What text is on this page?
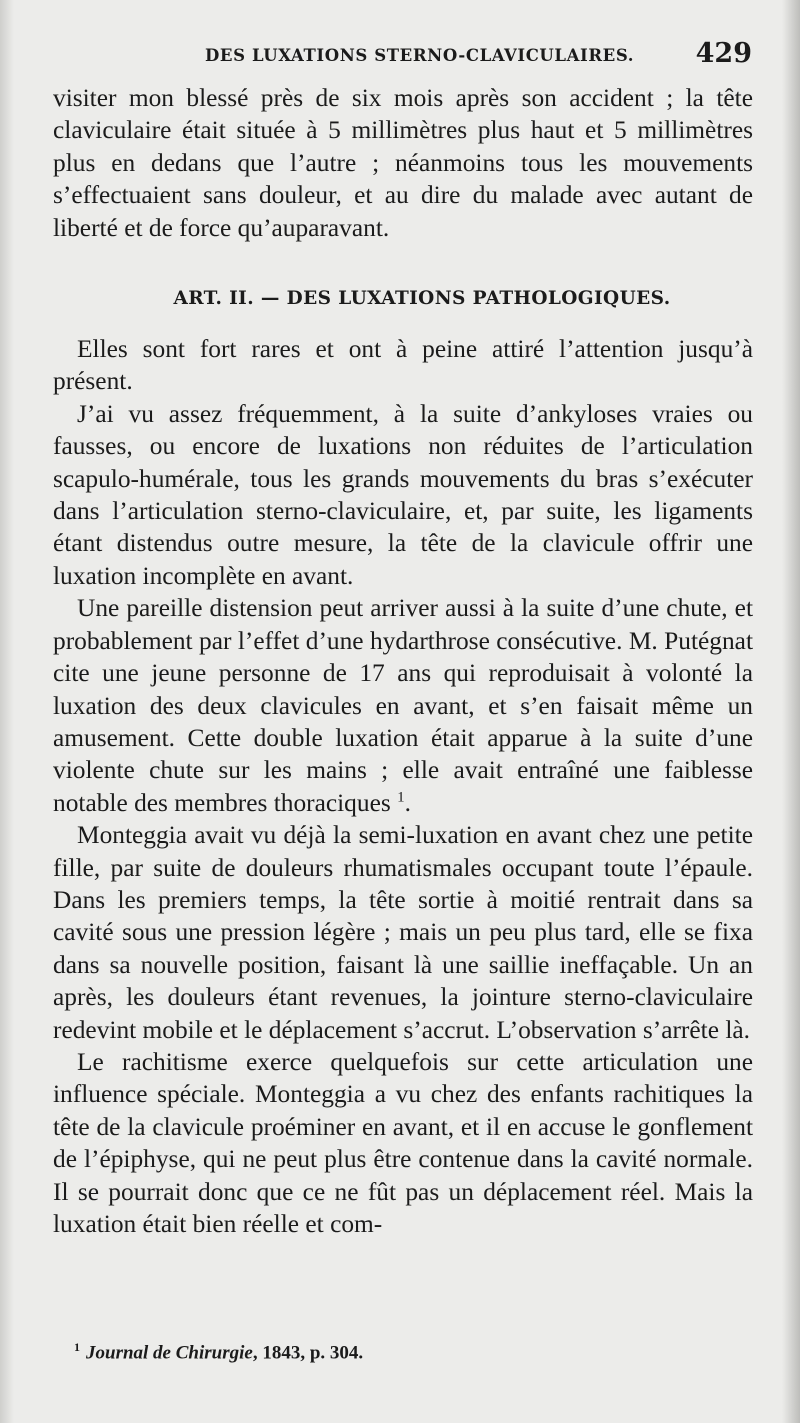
DES LUXATIONS STERNO-CLAVICULAIRES. 429

visiter mon blessé près de six mois après son accident ; la tête claviculaire était située à 5 millimètres plus haut et 5 millimètres plus en dedans que l’autre ; néanmoins tous les mouvements s’effectuaient sans douleur, et au dire du malade avec autant de liberté et de force qu’auparavant.

ART. II. — DES LUXATIONS PATHOLOGIQUES.

Elles sont fort rares et ont à peine attiré l’attention jusqu’à présent.

J’ai vu assez fréquemment, à la suite d’ankyloses vraies ou fausses, ou encore de luxations non réduites de l’articulation scapulo-humérale, tous les grands mouvements du bras s’exécuter dans l’articulation sterno-claviculaire, et, par suite, les ligaments étant distendus outre mesure, la tête de la clavicule offrir une luxation incomplète en avant.

Une pareille distension peut arriver aussi à la suite d’une chute, et probablement par l’effet d’une hydarthrose consécutive. M. Putégnat cite une jeune personne de 17 ans qui reproduisait à volonté la luxation des deux clavicules en avant, et s’en faisait même un amusement. Cette double luxation était apparue à la suite d’une violente chute sur les mains ; elle avait entraîné une faiblesse notable des membres thoraciques $^1$.

Monteggia avait vu déjà la semi-luxation en avant chez une petite fille, par suite de douleurs rhumatismales occupant toute l’épaule. Dans les premiers temps, la tête sortie à moitié rentrait dans sa cavité sous une pression légère ; mais un peu plus tard, elle se fixa dans sa nouvelle position, faisant là une saillie ineffaçable. Un an après, les douleurs étant revenues, la jointure sterno-claviculaire redevint mobile et le déplacement s’accrut. L’observation s’arrête là.

Le rachitisme exerce quelquefois sur cette articulation une influence spéciale. Monteggia a vu chez des enfants rachitiques la tête de la clavicule proéminer en avant, et il en accuse le gonflement de l’épiphyse, qui ne peut plus être contenue dans la cavité normale. Il se pourrait donc que ce ne fût pas un déplacement réel. Mais la luxation était bien réelle et com-

$^1$ Journal de Chirurgie, 1843, p. 304.
